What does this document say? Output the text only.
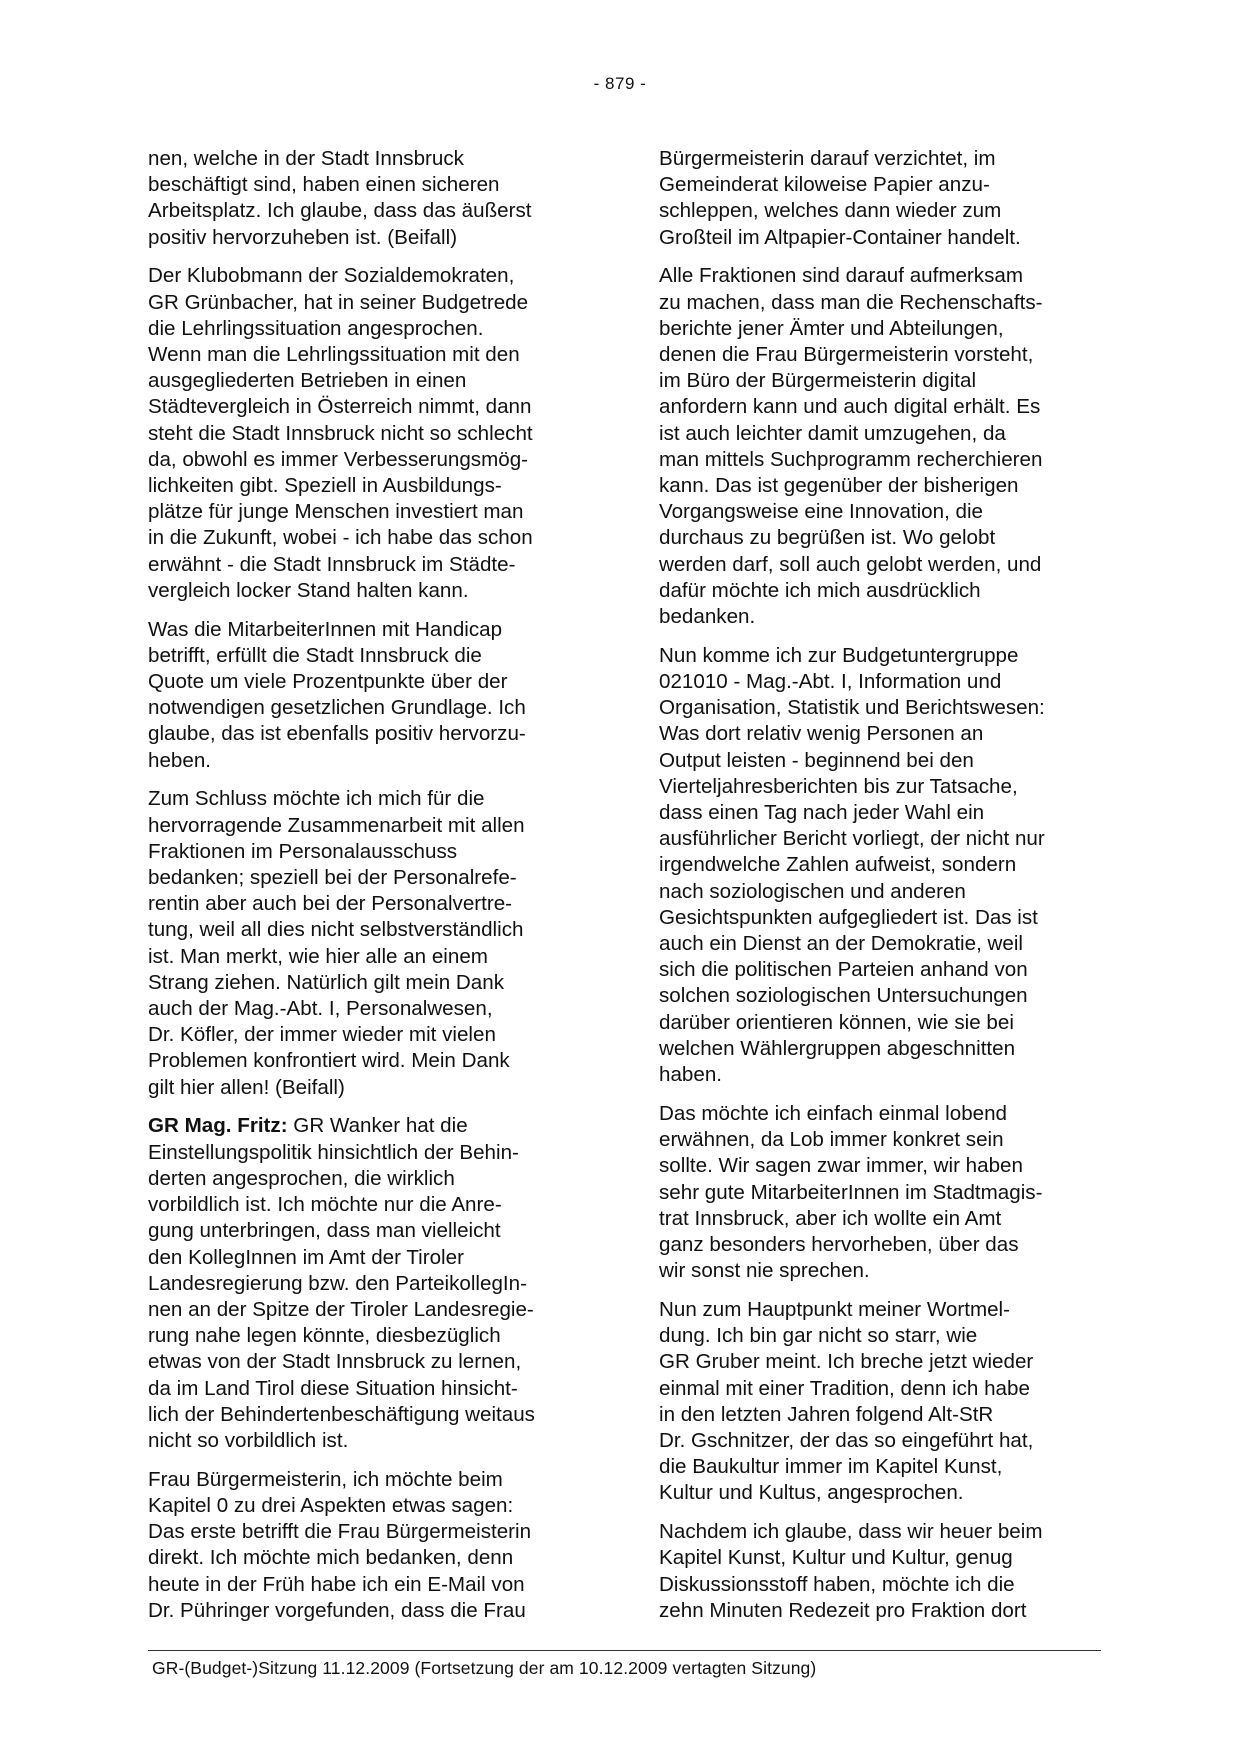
- 879 -

nen, welche in der Stadt Innsbruck
beschäftigt sind, haben einen sicheren
Arbeitsplatz. Ich glaube, dass das äußerst
positiv hervorzuheben ist. (Beifall)

Der Klubobmann der Sozialdemokraten,
GR Grünbacher, hat in seiner Budgetrede
die Lehrlingssituation angesprochen.
Wenn man die Lehrlingssituation mit den
ausgegliederten Betrieben in einen
Städtevergleich in Österreich nimmt, dann
steht die Stadt Innsbruck nicht so schlecht
da, obwohl es immer Verbesserungsmög-
lichkeiten gibt. Speziell in Ausbildungs-
plätze für junge Menschen investiert man
in die Zukunft, wobei - ich habe das schon
erwähnt - die Stadt Innsbruck im Städte-
vergleich locker Stand halten kann.

Was die MitarbeiterInnen mit Handicap
betrifft, erfüllt die Stadt Innsbruck die
Quote um viele Prozentpunkte über der
notwendigen gesetzlichen Grundlage. Ich
glaube, das ist ebenfalls positiv hervorzu-
heben.

Zum Schluss möchte ich mich für die
hervorragende Zusammenarbeit mit allen
Fraktionen im Personalausschuss
bedanken; speziell bei der Personalrefe-
rentin aber auch bei der Personalvertre-
tung, weil all dies nicht selbstverständlich
ist. Man merkt, wie hier alle an einem
Strang ziehen. Natürlich gilt mein Dank
auch der Mag.-Abt. I, Personalwesen,
Dr. Köfler, der immer wieder mit vielen
Problemen konfrontiert wird. Mein Dank
gilt hier allen! (Beifall)

GR Mag. Fritz: GR Wanker hat die
Einstellungspolitik hinsichtlich der Behin-
derten angesprochen, die wirklich
vorbildlich ist. Ich möchte nur die Anre-
gung unterbringen, dass man vielleicht
den KollegInnen im Amt der Tiroler
Landesregierung bzw. den ParteikollegIn-
nen an der Spitze der Tiroler Landesregie-
rung nahe legen könnte, diesbezüglich
etwas von der Stadt Innsbruck zu lernen,
da im Land Tirol diese Situation hinsicht-
lich der Behindertenbeschäftigung weitaus
nicht so vorbildlich ist.

Frau Bürgermeisterin, ich möchte beim
Kapitel 0 zu drei Aspekten etwas sagen:
Das erste betrifft die Frau Bürgermeisterin
direkt. Ich möchte mich bedanken, denn
heute in der Früh habe ich ein E-Mail von
Dr. Pühringer vorgefunden, dass die Frau

Bürgermeisterin darauf verzichtet, im
Gemeinderat kiloweise Papier anzu-
schleppen, welches dann wieder zum
Großteil im Altpapier-Container handelt.

Alle Fraktionen sind darauf aufmerksam
zu machen, dass man die Rechenschafts-
berichte jener Ämter und Abteilungen,
denen die Frau Bürgermeisterin vorsteht,
im Büro der Bürgermeisterin digital
anfordern kann und auch digital erhält. Es
ist auch leichter damit umzugehen, da
man mittels Suchprogramm recherchieren
kann. Das ist gegenüber der bisherigen
Vorgangsweise eine Innovation, die
durchaus zu begrüßen ist. Wo gelobt
werden darf, soll auch gelobt werden, und
dafür möchte ich mich ausdrücklich
bedanken.

Nun komme ich zur Budgetuntergruppe
021010 - Mag.-Abt. I, Information und
Organisation, Statistik und Berichtswesen:
Was dort relativ wenig Personen an
Output leisten - beginnend bei den
Vierteljahresberichten bis zur Tatsache,
dass einen Tag nach jeder Wahl ein
ausführlicher Bericht vorliegt, der nicht nur
irgendwelche Zahlen aufweist, sondern
nach soziologischen und anderen
Gesichtspunkten aufgegliedert ist. Das ist
auch ein Dienst an der Demokratie, weil
sich die politischen Parteien anhand von
solchen soziologischen Untersuchungen
darüber orientieren können, wie sie bei
welchen Wählergruppen abgeschnitten
haben.

Das möchte ich einfach einmal lobend
erwähnen, da Lob immer konkret sein
sollte. Wir sagen zwar immer, wir haben
sehr gute MitarbeiterInnen im Stadtmagis-
trat Innsbruck, aber ich wollte ein Amt
ganz besonders hervorheben, über das
wir sonst nie sprechen.

Nun zum Hauptpunkt meiner Wortmel-
dung. Ich bin gar nicht so starr, wie
GR Gruber meint. Ich breche jetzt wieder
einmal mit einer Tradition, denn ich habe
in den letzten Jahren folgend Alt-StR
Dr. Gschnitzer, der das so eingeführt hat,
die Baukultur immer im Kapitel Kunst,
Kultur und Kultus, angesprochen.

Nachdem ich glaube, dass wir heuer beim
Kapitel Kunst, Kultur und Kultur, genug
Diskussionsstoff haben, möchte ich die
zehn Minuten Redezeit pro Fraktion dort

GR-(Budget-)Sitzung 11.12.2009 (Fortsetzung der am 10.12.2009 vertagten Sitzung)
